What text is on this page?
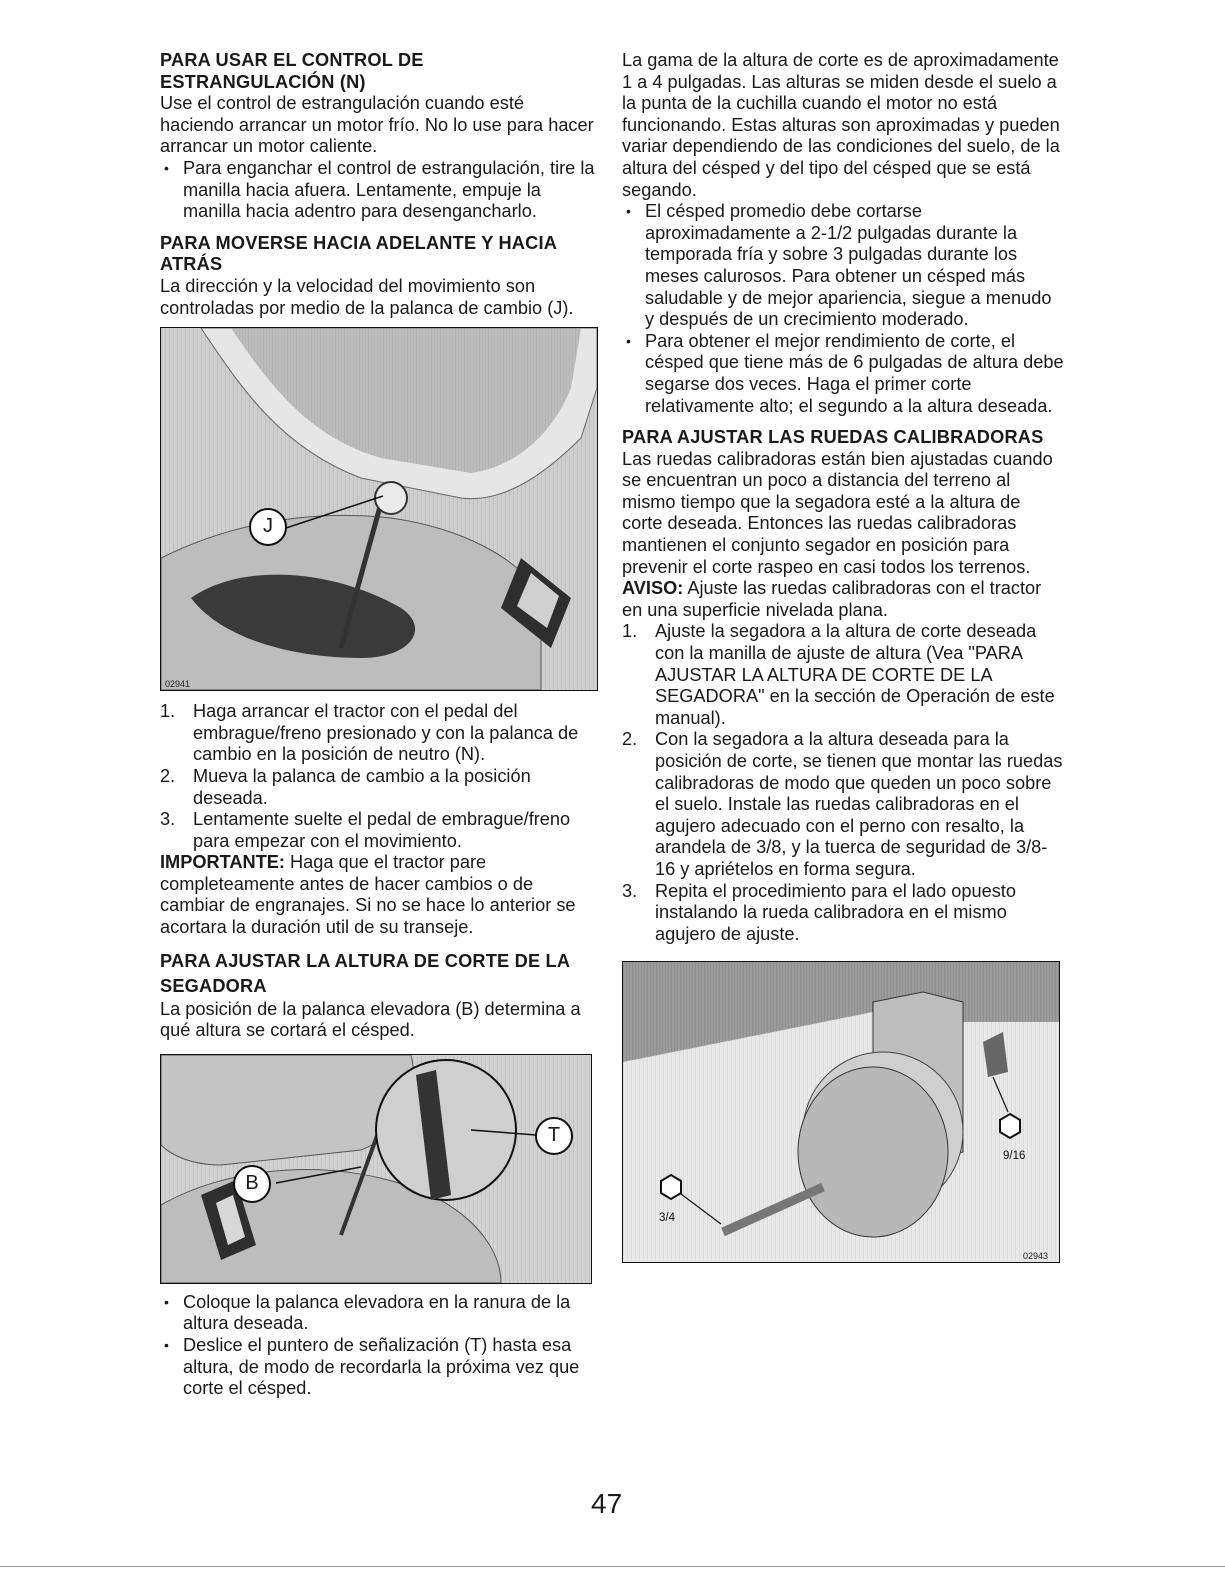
PARA USAR EL CONTROL DE
ESTRANGULACIÓN (N)

Use el control de estrangulación cuando esté haciendo arrancar un motor frío. No lo use para hacer arrancar un motor caliente.

• Para enganchar el control de estrangulación, tire la manilla hacia afuera. Lentamente, empuje la manilla hacia adentro para desengancharlo.
PARA MOVERSE HACIA ADELANTE Y HACIA ATRÁS

La dirección y la velocidad del movimiento son controladas por medio de la palanca de cambio (J).

J
02941
1. Haga arrancar el tractor con el pedal del embrague/freno presionado y con la palanca de cambio en la posición de neutro (N).
2. Mueva la palanca de cambio a la posición deseada.
3. Lentamente suelte el pedal de embrague/freno para empezar con el movimiento.

IMPORTANTE: Haga que el tractor pare completeamente antes de hacer cambios o de cambiar de engranajes. Si no se hace lo anterior se acortara la duración util de su transeje.

PARA AJUSTAR LA ALTURA DE CORTE DE LA SEGADORA

La posición de la palanca elevadora (B) determina a qué altura se cortará el césped.

B
T
• Coloque la palanca elevadora en la ranura de la altura deseada.
• Deslice el puntero de señalización (T) hasta esa altura, de modo de recordarla la próxima vez que corte el césped.

La gama de la altura de corte es de aproximadamente 1 a 4 pulgadas. Las alturas se miden desde el suelo a la punta de la cuchilla cuando el motor no está funcionando. Estas alturas son aproximadas y pueden variar dependiendo de las condiciones del suelo, de la altura del césped y del tipo del césped que se está segando.

• El césped promedio debe cortarse aproximadamente a 2-1/2 pulgadas durante la temporada fría y sobre 3 pulgadas durante los meses calurosos. Para obtener un césped más saludable y de mejor apariencia, siegue a menudo y después de un crecimiento moderado.
• Para obtener el mejor rendimiento de corte, el césped que tiene más de 6 pulgadas de altura debe segarse dos veces. Haga el primer corte relativamente alto; el segundo a la altura deseada.
PARA AJUSTAR LAS RUEDAS CALIBRADORAS

Las ruedas calibradoras están bien ajustadas cuando se encuentran un poco a distancia del terreno al mismo tiempo que la segadora esté a la altura de corte deseada. Entonces las ruedas calibradoras mantienen el conjunto segador en posición para prevenir el corte raspeo en casi todos los terrenos.

AVISO: Ajuste las ruedas calibradoras con el tractor en una superficie nivelada plana.

1. Ajuste la segadora a la altura de corte deseada con la manilla de ajuste de altura (Vea "PARA AJUSTAR LA ALTURA DE CORTE DE LA SEGADORA" en la sección de Operación de este manual).
2. Con la segadora a la altura deseada para la posición de corte, se tienen que montar las ruedas calibradoras de modo que queden un poco sobre el suelo. Instale las ruedas calibradoras en el agujero adecuado con el perno con resalto, la arandela de 3/8, y la tuerca de seguridad de 3/8-16 y apriételos en forma segura.
3. Repita el procedimiento para el lado opuesto instalando la rueda calibradora en el mismo agujero de ajuste.
9/16
3/4
02943
47
